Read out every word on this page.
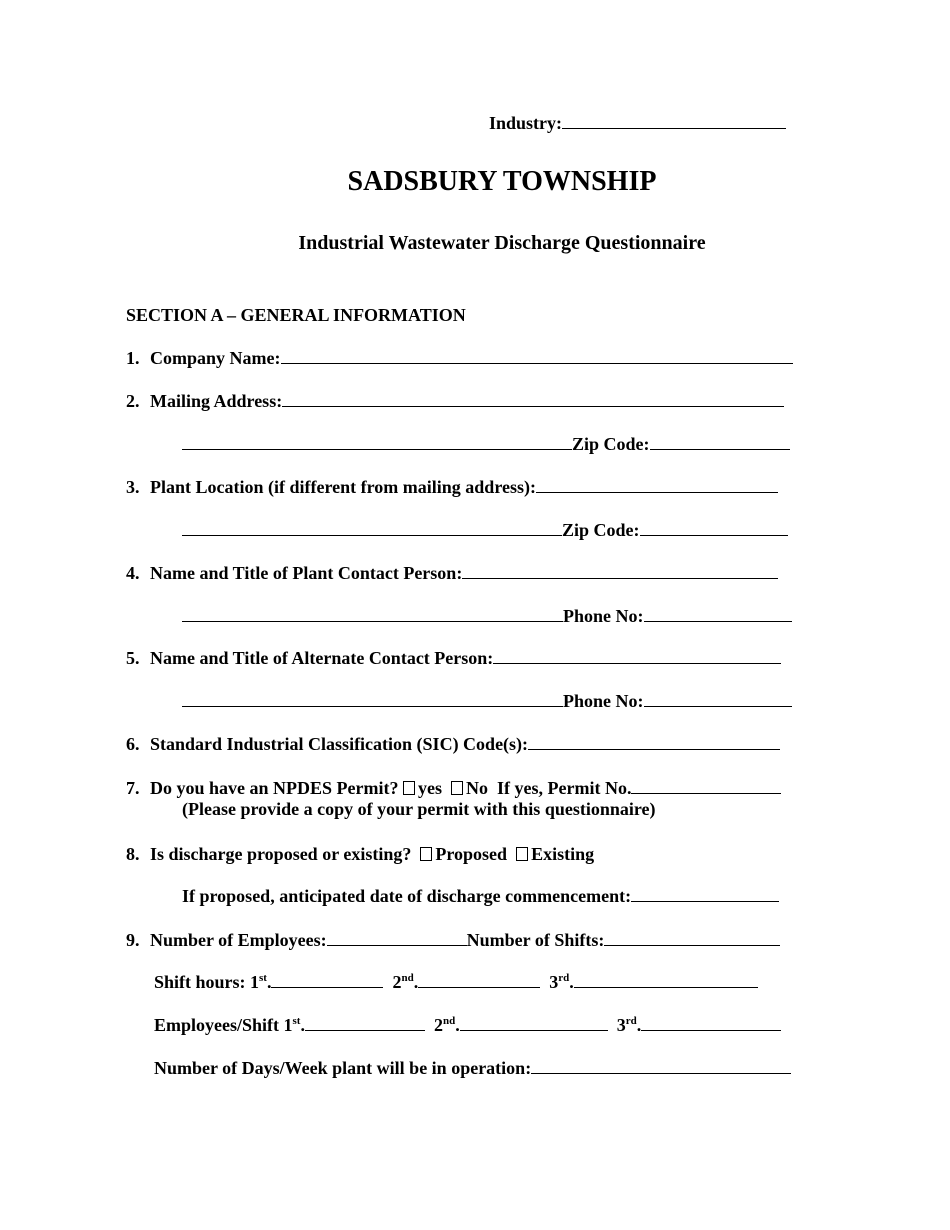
Industry:
SADSBURY TOWNSHIP
Industrial Wastewater Discharge Questionnaire
SECTION A – GENERAL INFORMATION
1. Company Name:
2. Mailing Address:
Zip Code:
3. Plant Location (if different from mailing address):
Zip Code:
4. Name and Title of Plant Contact Person:
Phone No:
5. Name and Title of Alternate Contact Person:
Phone No:
6. Standard Industrial Classification (SIC) Code(s):
7. Do you have an NPDES Permit? yes No If yes, Permit No.
(Please provide a copy of your permit with this questionnaire)
8. Is discharge proposed or existing? Proposed Existing
If proposed, anticipated date of discharge commencement:
9. Number of Employees:	Number of Shifts:
Shift hours: 1st.	2nd.	3rd.
Employees/Shift 1st.	2nd.	3rd.
Number of Days/Week plant will be in operation:
